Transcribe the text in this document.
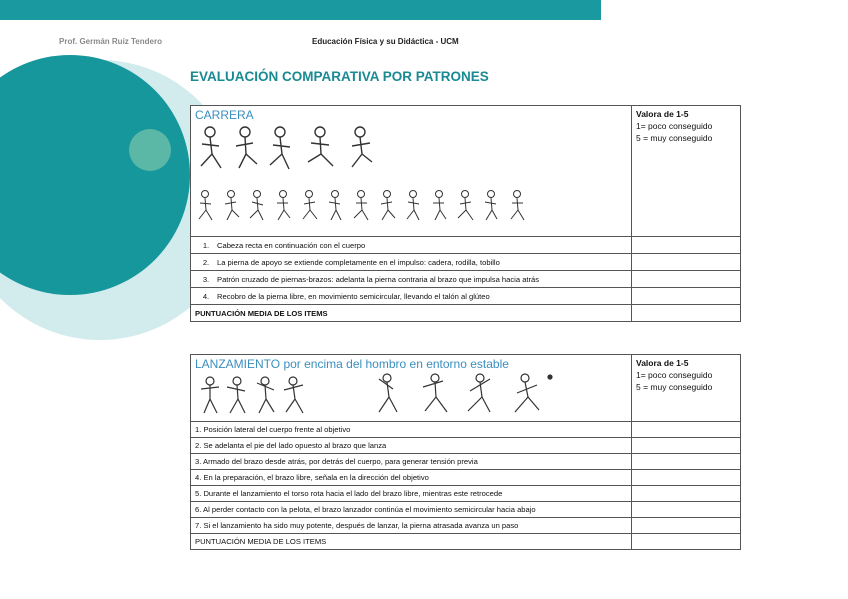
Prof. Germán Ruiz Tendero	Educación Física y su Didáctica - UCM
EVALUACIÓN COMPARATIVA POR PATRONES
CARRERA	Valora de 1-5
1= poco conseguido
5 = muy conseguido

1. Cabeza recta en continuación con el cuerpo	
2. La pierna de apoyo se extiende completamente en el impulso: cadera, rodilla, tobillo	
3. Patrón cruzado de piernas-brazos: adelanta la pierna contraria al brazo que impulsa hacia atrás	
4. Recobro de la pierna libre, en movimiento semicircular, llevando el talón al glúteo	
PUNTUACIÓN MEDIA DE LOS ITEMS	
LANZAMIENTO por encima del hombro en entorno estable	Valora de 1-5
1= poco conseguido
5 = muy conseguido

1. Posición lateral del cuerpo frente al objetivo	
2. Se adelanta el pie del lado opuesto al brazo que lanza	
3. Armado del brazo desde atrás, por detrás del cuerpo, para generar tensión previa	
4. En la preparación, el brazo libre, señala en la dirección del objetivo	
5. Durante el lanzamiento el torso rota hacia el lado del brazo libre, mientras este retrocede	
6. Al perder contacto con la pelota, el brazo lanzador continúa el movimiento semicircular hacia abajo	
7. Si el lanzamiento ha sido muy potente, después de lanzar, la pierna atrasada avanza un paso	
PUNTUACIÓN MEDIA DE LOS ITEMS	
